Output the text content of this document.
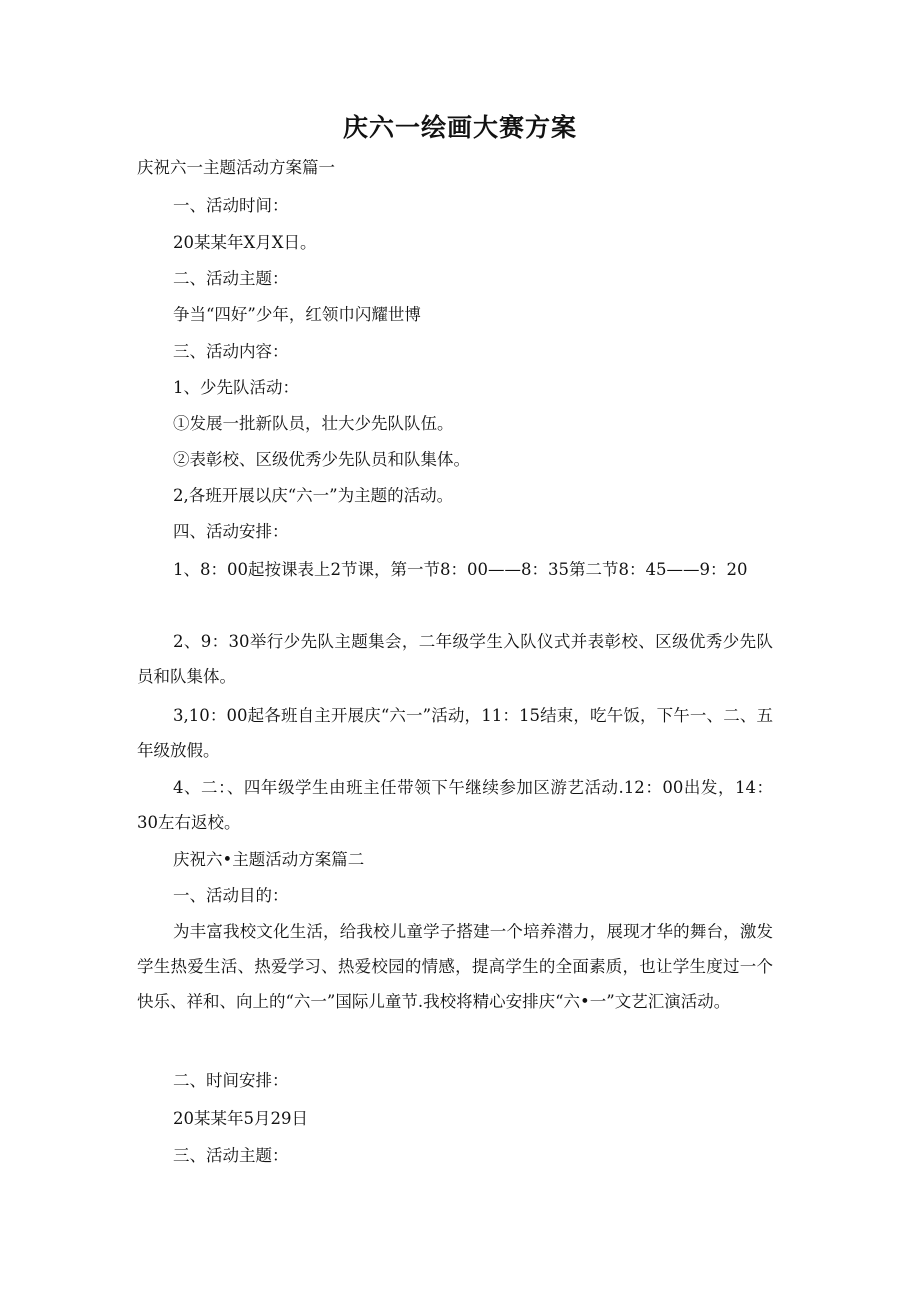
庆六一绘画大赛方案

庆祝六一主题活动方案篇一

一、活动时间：

20某某年X月X日。

二、活动主题：

争当“四好”少年，红领巾闪耀世博

三、活动内容：

1、少先队活动：

①发展一批新队员，壮大少先队队伍。

②表彰校、区级优秀少先队员和队集体。

2,各班开展以庆“六一”为主题的活动。

四、活动安排：

1、8：00起按课表上2节课，第一节8：00——8：35第二节8：45——9：20

2、9：30举行少先队主题集会，二年级学生入队仪式并表彰校、区级优秀少先队员和队集体。

3,10：00起各班自主开展庆“六一”活动，11：15结束，吃午饭，下午一、二、五年级放假。

4、二：、四年级学生由班主任带领下午继续参加区游艺活动.12：00出发，14：30左右返校。

庆祝六•主题活动方案篇二

一、活动目的：

为丰富我校文化生活，给我校儿童学子搭建一个培养潜力，展现才华的舞台，激发学生热爱生活、热爱学习、热爱校园的情感，提高学生的全面素质，也让学生度过一个快乐、祥和、向上的“六一”国际儿童节.我校将精心安排庆“六•一”文艺汇演活动。

二、时间安排：

20某某年5月29日

三、活动主题：
